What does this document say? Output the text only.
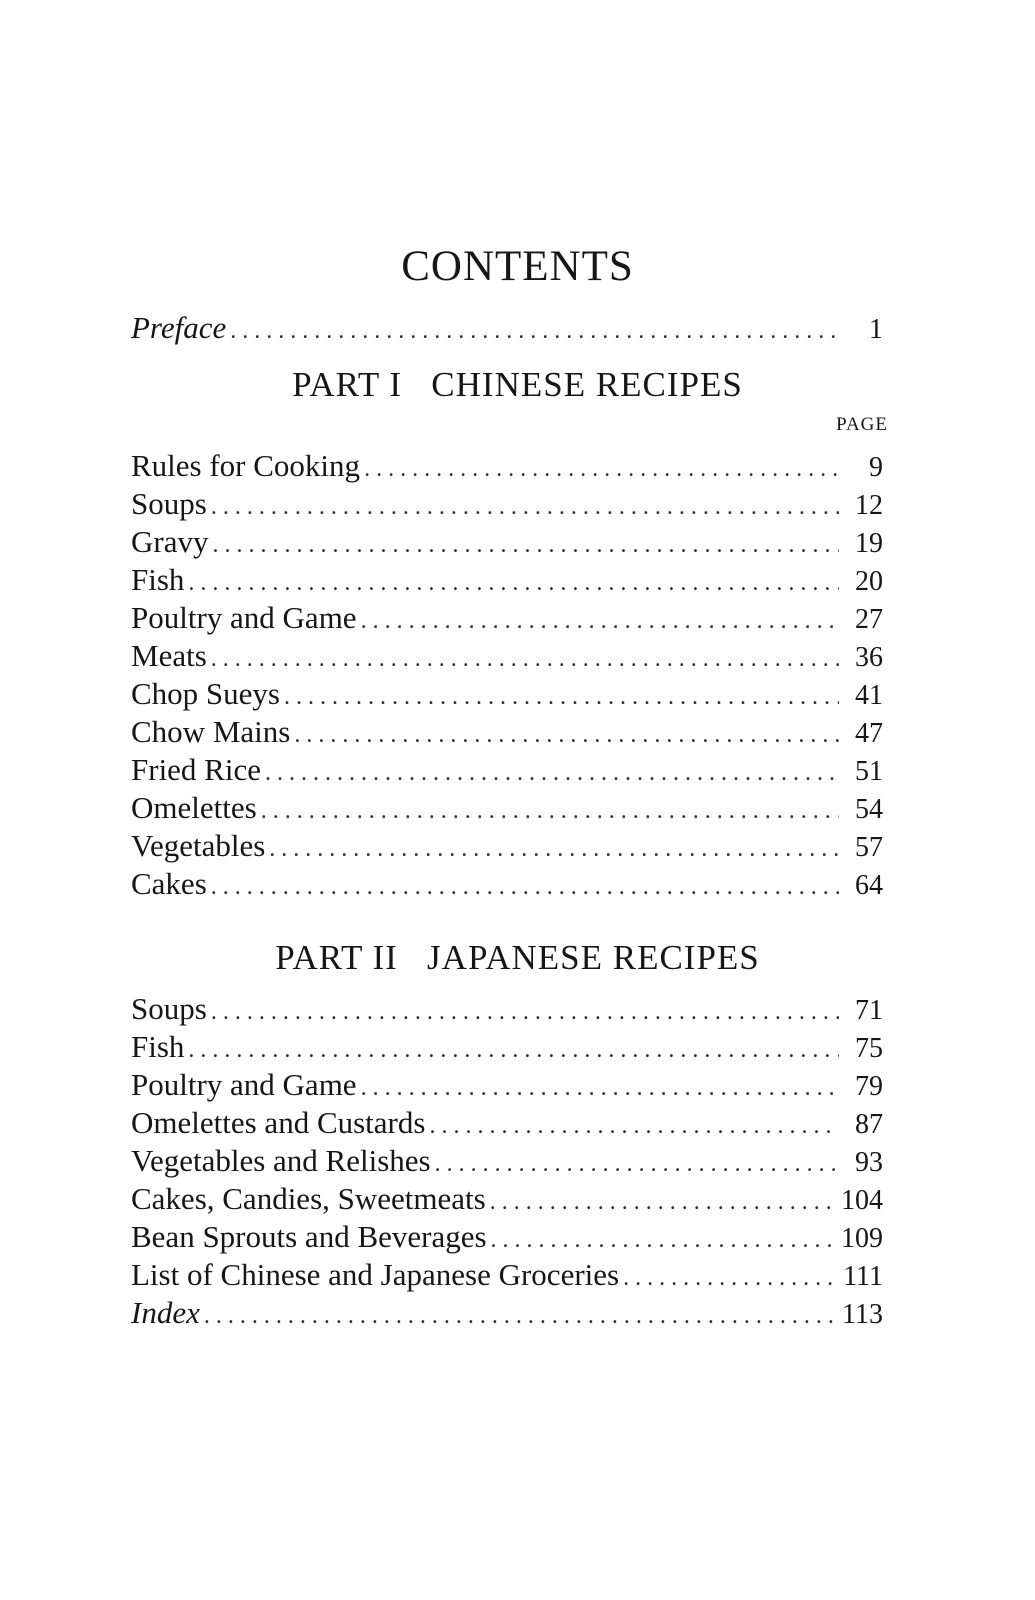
CONTENTS
Preface . . .	1
PART I   CHINESE RECIPES
PAGE
Rules for Cooking . . .	9
Soups . . .	12
Gravy . . .	19
Fish . . .	20
Poultry and Game . . .	27
Meats . . .	36
Chop Sueys . . .	41
Chow Mains . . .	47
Fried Rice . . .	51
Omelettes . . .	54
Vegetables . . .	57
Cakes . . .	64
PART II   JAPANESE RECIPES
Soups . . .	71
Fish . . .	75
Poultry and Game . . .	79
Omelettes and Custards . . .	87
Vegetables and Relishes . . .	93
Cakes, Candies, Sweetmeats . . .	104
Bean Sprouts and Beverages . . .	109
List of Chinese and Japanese Groceries . . .	111
Index . . .	113
